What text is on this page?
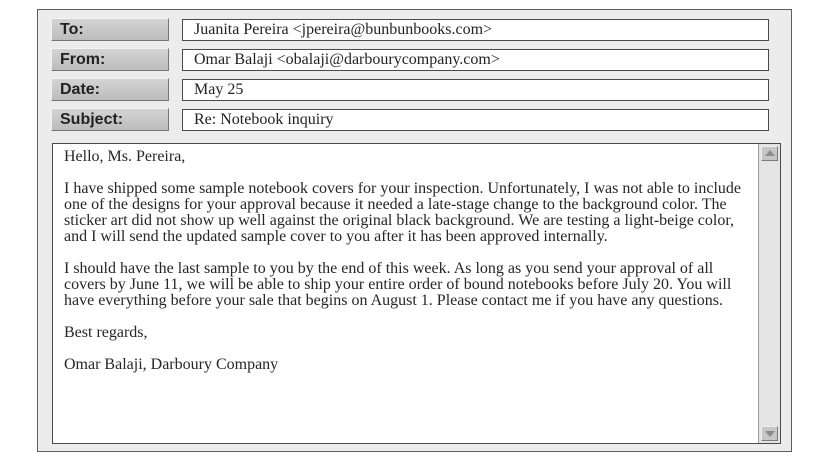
To:	Juanita Pereira <jpereira@bunbunbooks.com>
From:	Omar Balaji <obalaji@darbourycompany.com>
Date:	May 25
Subject:	Re: Notebook inquiry

Hello, Ms. Pereira,

I have shipped some sample notebook covers for your inspection. Unfortunately, I was not able to include one of the designs for your approval because it needed a late-stage change to the background color. The sticker art did not show up well against the original black background. We are testing a light-beige color, and I will send the updated sample cover to you after it has been approved internally.

I should have the last sample to you by the end of this week. As long as you send your approval of all covers by June 11, we will be able to ship your entire order of bound notebooks before July 20. You will have everything before your sale that begins on August 1. Please contact me if you have any questions.

Best regards,

Omar Balaji, Darboury Company
